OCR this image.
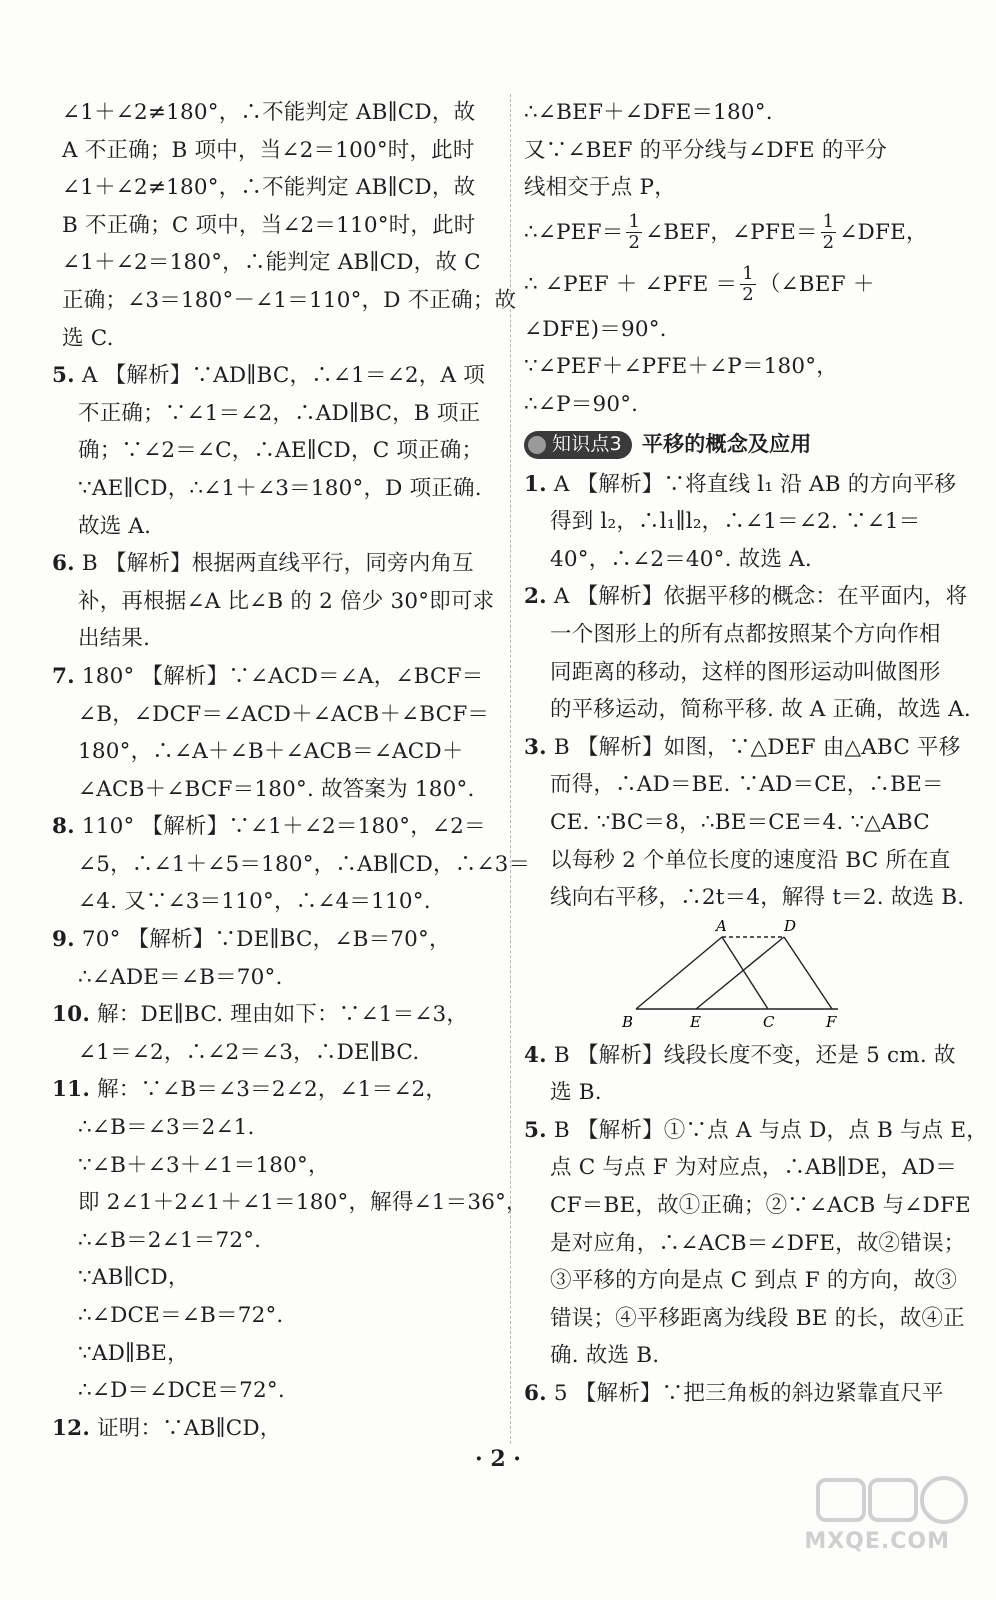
∠1＋∠2≠180°，∴不能判定 AB∥CD，故
A 不正确；B 项中，当∠2＝100°时，此时
∠1＋∠2≠180°，∴不能判定 AB∥CD，故
B 不正确；C 项中，当∠2＝110°时，此时
∠1＋∠2＝180°，∴能判定 AB∥CD，故 C
正确；∠3＝180°－∠1＝110°，D 不正确；故
选 C.
5. A 【解析】∵AD∥BC，∴∠1＝∠2，A 项
不正确；∵∠1＝∠2，∴AD∥BC，B 项正
确；∵∠2＝∠C，∴AE∥CD，C 项正确；
∵AE∥CD，∴∠1＋∠3＝180°，D 项正确.
故选 A.
6. B 【解析】根据两直线平行，同旁内角互
补，再根据∠A 比∠B 的 2 倍少 30°即可求
出结果.
7. 180° 【解析】∵∠ACD＝∠A，∠BCF＝
∠B，∠DCF＝∠ACD＋∠ACB＋∠BCF＝
180°，∴∠A＋∠B＋∠ACB＝∠ACD＋
∠ACB＋∠BCF＝180°. 故答案为 180°.
8. 110° 【解析】∵∠1＋∠2＝180°，∠2＝
∠5，∴∠1＋∠5＝180°，∴AB∥CD，∴∠3＝
∠4. 又∵∠3＝110°，∴∠4＝110°.
9. 70° 【解析】∵DE∥BC，∠B＝70°，
∴∠ADE＝∠B＝70°.
10. 解：DE∥BC. 理由如下：∵∠1＝∠3，
∠1＝∠2，∴∠2＝∠3，∴DE∥BC.
11. 解：∵∠B＝∠3＝2∠2，∠1＝∠2，
∴∠B＝∠3＝2∠1.
∵∠B＋∠3＋∠1＝180°，
即 2∠1＋2∠1＋∠1＝180°，解得∠1＝36°，
∴∠B＝2∠1＝72°.
∵AB∥CD，
∴∠DCE＝∠B＝72°.
∵AD∥BE，
∴∠D＝∠DCE＝72°.
12. 证明：∵AB∥CD，
∴∠BEF＋∠DFE＝180°.
又∵∠BEF 的平分线与∠DFE 的平分
线相交于点 P，
∴∠PEF＝ $\frac{1}{2}$ ∠BEF，∠PFE＝ $\frac{1}{2}$ ∠DFE，
∴ ∠PEF ＋ ∠PFE ＝ $\frac{1}{2}$ （∠BEF ＋
∠DFE)＝90°.
∵∠PEF＋∠PFE＋∠P＝180°，
∴∠P＝90°.
知识点3 平移的概念及应用
1. A 【解析】∵将直线 l₁ 沿 AB 的方向平移
得到 l₂，∴l₁∥l₂，∴∠1＝∠2. ∵∠1＝
40°，∴∠2＝40°. 故选 A.
2. A 【解析】依据平移的概念：在平面内，将
一个图形上的所有点都按照某个方向作相
同距离的移动，这样的图形运动叫做图形
的平移运动，简称平移. 故 A 正确，故选 A.
3. B 【解析】如图，∵△DEF 由△ABC 平移
而得，∴AD＝BE. ∵AD＝CE，∴BE＝
CE. ∵BC＝8，∴BE＝CE＝4. ∵△ABC
以每秒 2 个单位长度的速度沿 BC 所在直
线向右平移，∴2t＝4，解得 t＝2. 故选 B.
A	D
B	E	C	F
4. B 【解析】线段长度不变，还是 5 cm. 故
选 B.
5. B 【解析】①∵点 A 与点 D，点 B 与点 E，
点 C 与点 F 为对应点，∴AB∥DE，AD＝
CF＝BE，故①正确；②∵∠ACB 与∠DFE
是对应角，∴∠ACB＝∠DFE，故②错误；
③平移的方向是点 C 到点 F 的方向，故③
错误；④平移距离为线段 BE 的长，故④正
确. 故选 B.
6. 5 【解析】∵把三角板的斜边紧靠直尺平
· 2 ·
MXQE.COM
